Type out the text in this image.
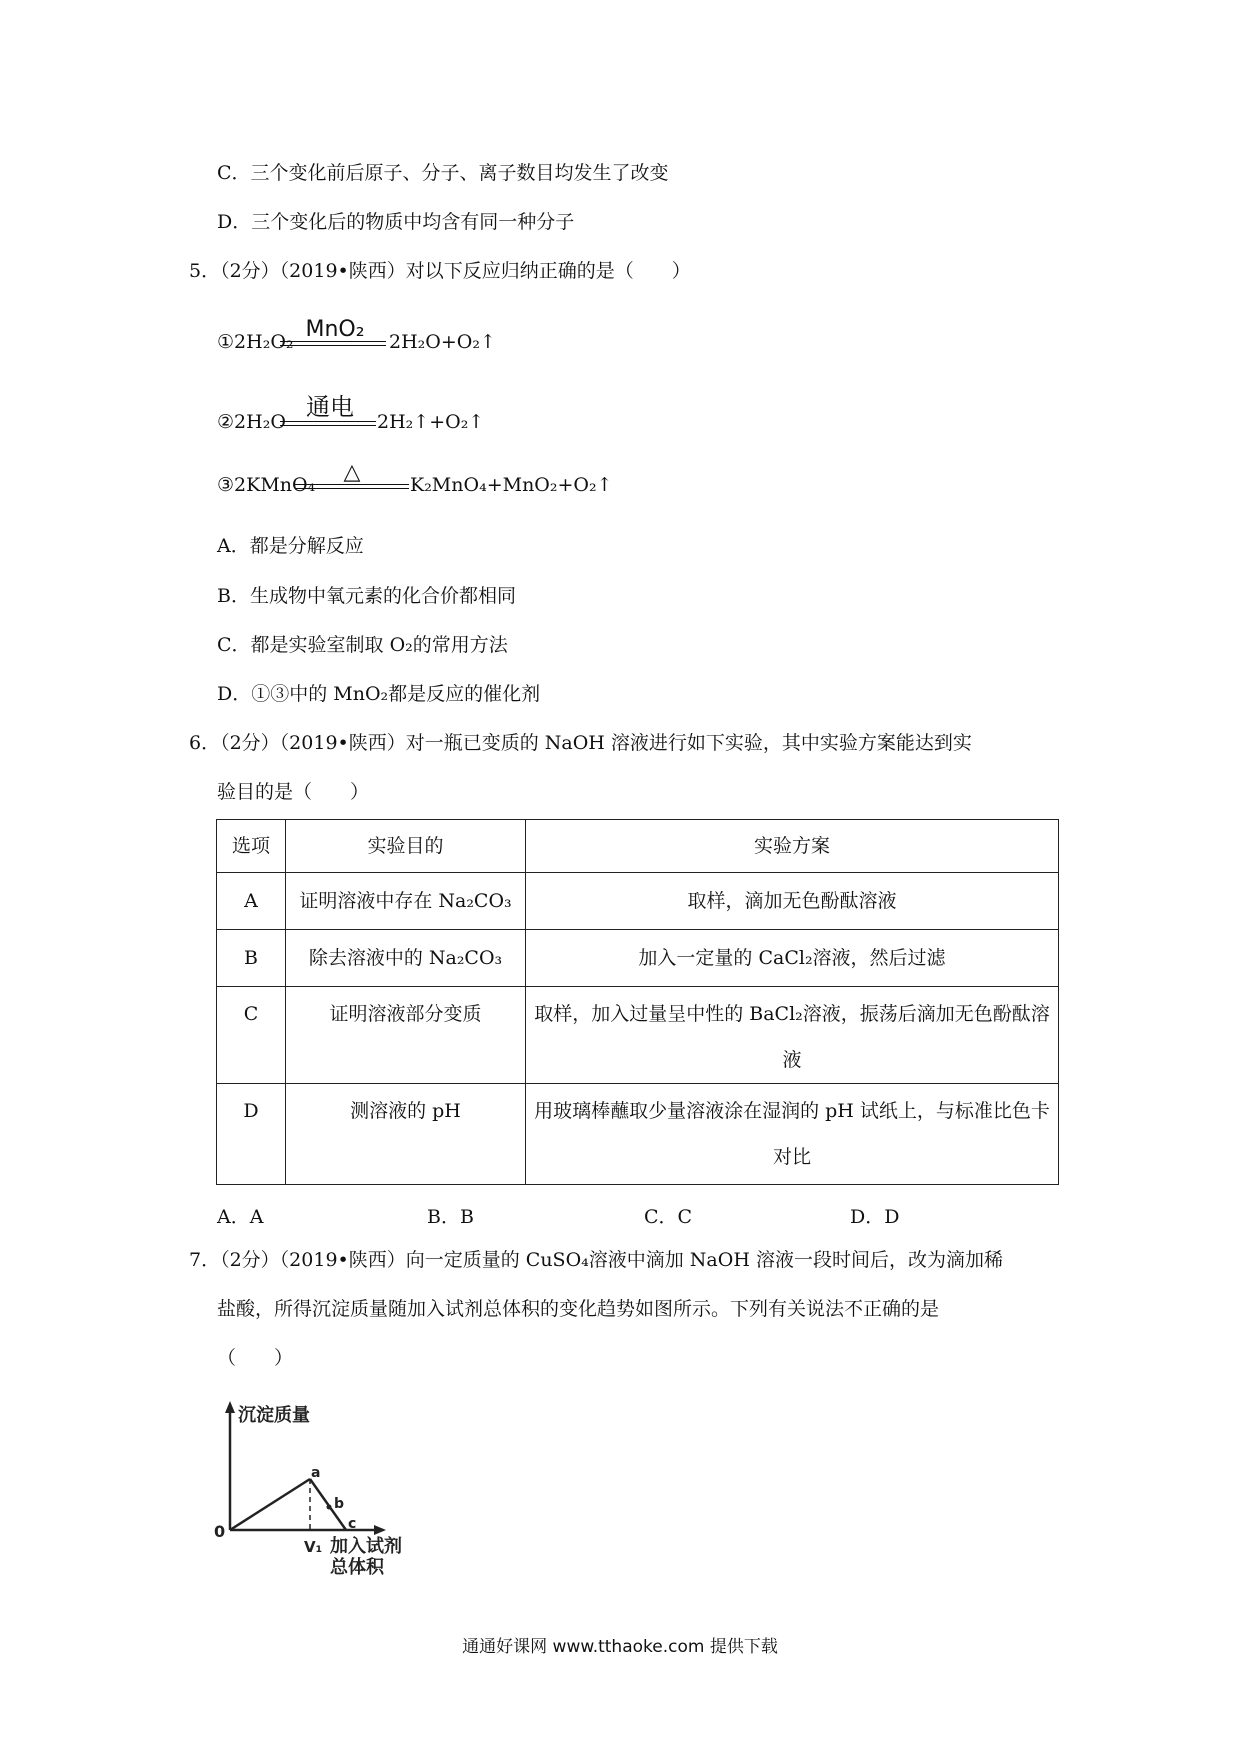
C．三个变化前后原子、分子、离子数目均发生了改变
D．三个变化后的物质中均含有同一种分子
5．（2分）（2019•陕西）对以下反应归纳正确的是（　　）
①2H₂O₂ MnO₂	2H₂O+O₂↑
②2H₂O
通电
2H₂↑+O₂↑
③2KMnO₄	△	K₂MnO₄+MnO₂+O₂↑
A．都是分解反应
B．生成物中氧元素的化合价都相同
C．都是实验室制取 O₂的常用方法
D．①③中的 MnO₂都是反应的催化剂
6．（2分）（2019•陕西）对一瓶已变质的 NaOH 溶液进行如下实验，其中实验方案能达到实
验目的是（　　）
选项	实验目的	实验方案
A	证明溶液中存在 Na₂CO₃	取样，滴加无色酚酞溶液
B	除去溶液中的 Na₂CO₃	加入一定量的 CaCl₂溶液，然后过滤
C	证明溶液部分变质	取样，加入过量呈中性的 BaCl₂溶液，振荡后滴加无色酚酞溶液
D	测溶液的 pH	用玻璃棒蘸取少量溶液涂在湿润的 pH 试纸上，与标准比色卡对比
A．A	B．B	C．C	D．D
7．（2分）（2019•陕西）向一定质量的 CuSO₄溶液中滴加 NaOH 溶液一段时间后，改为滴加稀
盐酸，所得沉淀质量随加入试剂总体积的变化趋势如图所示。下列有关说法不正确的是
（　　）
沉淀质量
a
b
c
0
V₁ 加入试剂
总体积
通通好课网 www.tthaoke.com 提供下载
